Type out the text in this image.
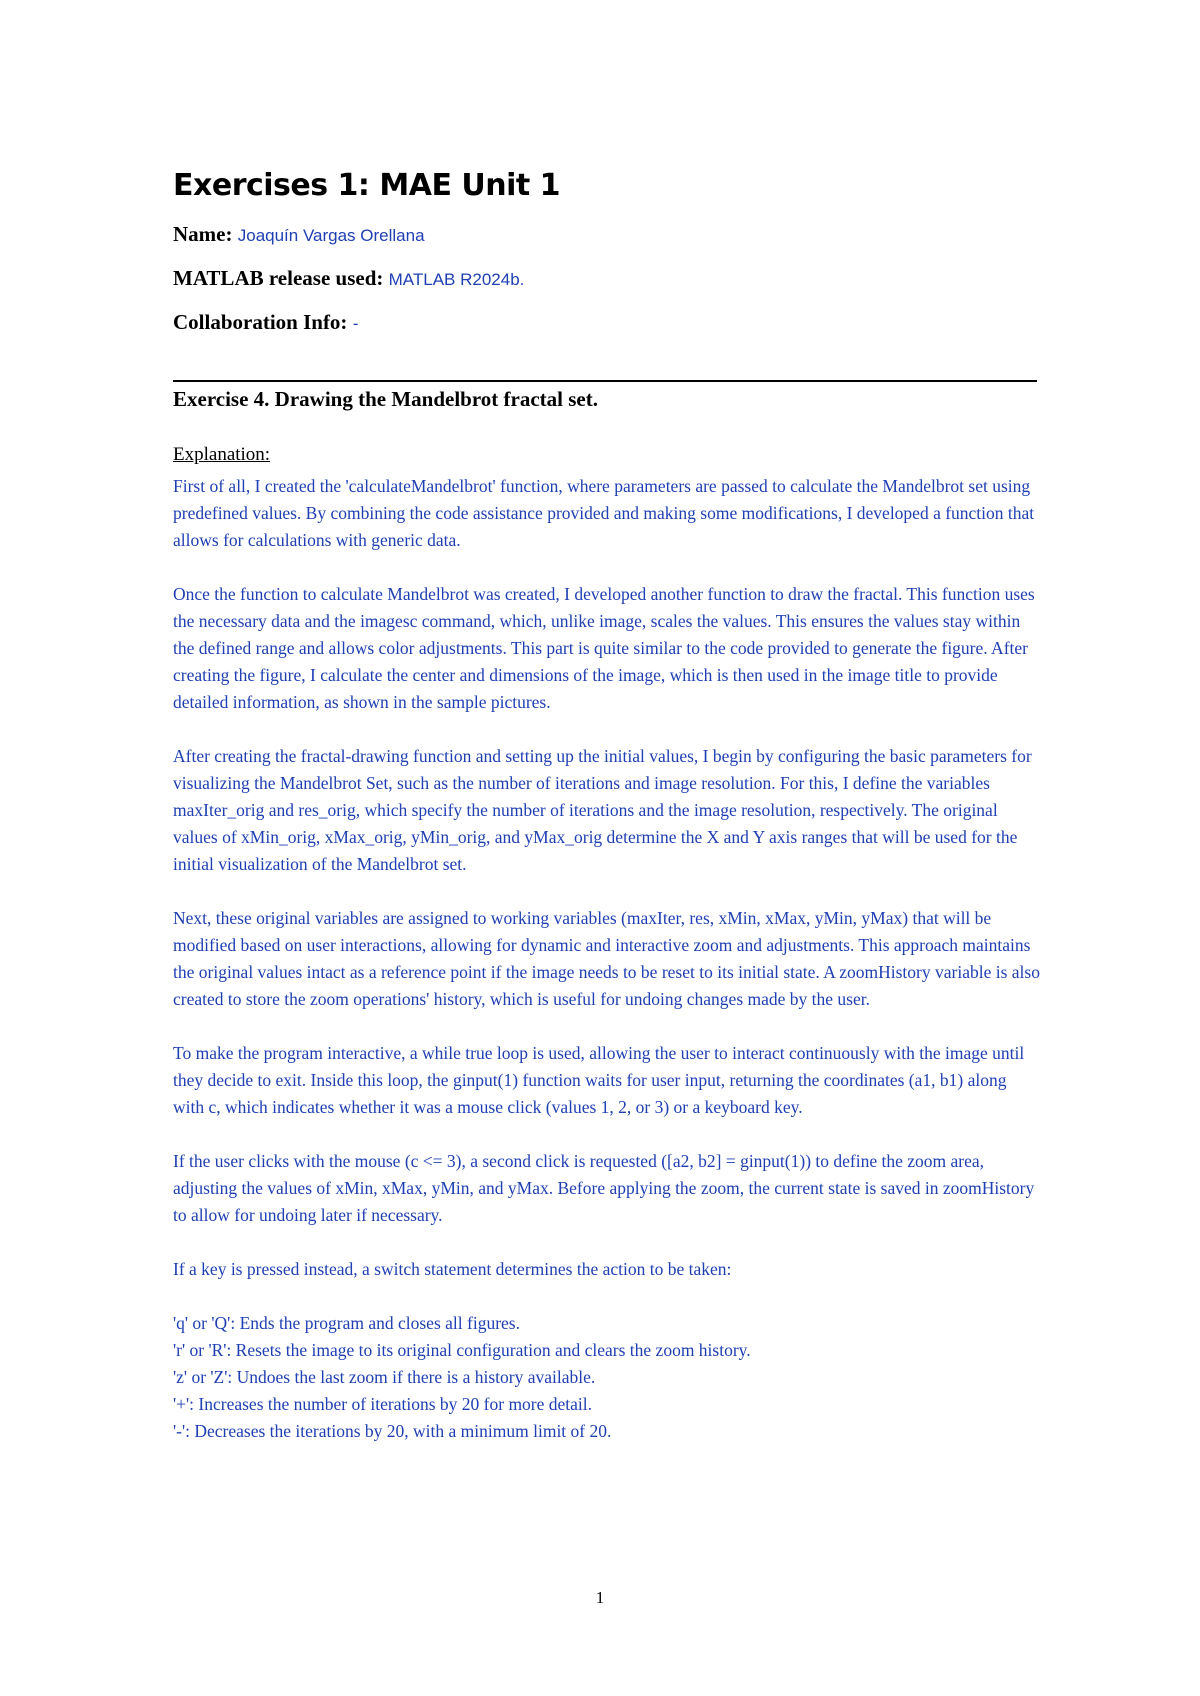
Exercises 1: MAE Unit 1

Name: Joaquín Vargas Orellana

MATLAB release used: MATLAB R2024b.

Collaboration Info: -

Exercise 4. Drawing the Mandelbrot fractal set.

Explanation:

First of all, I created the 'calculateMandelbrot' function, where parameters are passed to calculate the Mandelbrot set using predefined values. By combining the code assistance provided and making some modifications, I developed a function that allows for calculations with generic data.

Once the function to calculate Mandelbrot was created, I developed another function to draw the fractal. This function uses the necessary data and the imagesc command, which, unlike image, scales the values. This ensures the values stay within the defined range and allows color adjustments. This part is quite similar to the code provided to generate the figure. After creating the figure, I calculate the center and dimensions of the image, which is then used in the image title to provide detailed information, as shown in the sample pictures.

After creating the fractal-drawing function and setting up the initial values, I begin by configuring the basic parameters for visualizing the Mandelbrot Set, such as the number of iterations and image resolution. For this, I define the variables maxIter_orig and res_orig, which specify the number of iterations and the image resolution, respectively. The original values of xMin_orig, xMax_orig, yMin_orig, and yMax_orig determine the X and Y axis ranges that will be used for the initial visualization of the Mandelbrot set.

Next, these original variables are assigned to working variables (maxIter, res, xMin, xMax, yMin, yMax) that will be modified based on user interactions, allowing for dynamic and interactive zoom and adjustments. This approach maintains the original values intact as a reference point if the image needs to be reset to its initial state. A zoomHistory variable is also created to store the zoom operations' history, which is useful for undoing changes made by the user.

To make the program interactive, a while true loop is used, allowing the user to interact continuously with the image until they decide to exit. Inside this loop, the ginput(1) function waits for user input, returning the coordinates (a1, b1) along with c, which indicates whether it was a mouse click (values 1, 2, or 3) or a keyboard key.

If the user clicks with the mouse (c <= 3), a second click is requested ([a2, b2] = ginput(1)) to define the zoom area, adjusting the values of xMin, xMax, yMin, and yMax. Before applying the zoom, the current state is saved in zoomHistory to allow for undoing later if necessary.

If a key is pressed instead, a switch statement determines the action to be taken:

'q' or 'Q': Ends the program and closes all figures.

'r' or 'R': Resets the image to its original configuration and clears the zoom history.

'z' or 'Z': Undoes the last zoom if there is a history available.

'+': Increases the number of iterations by 20 for more detail.

'-': Decreases the iterations by 20, with a minimum limit of 20.

1
